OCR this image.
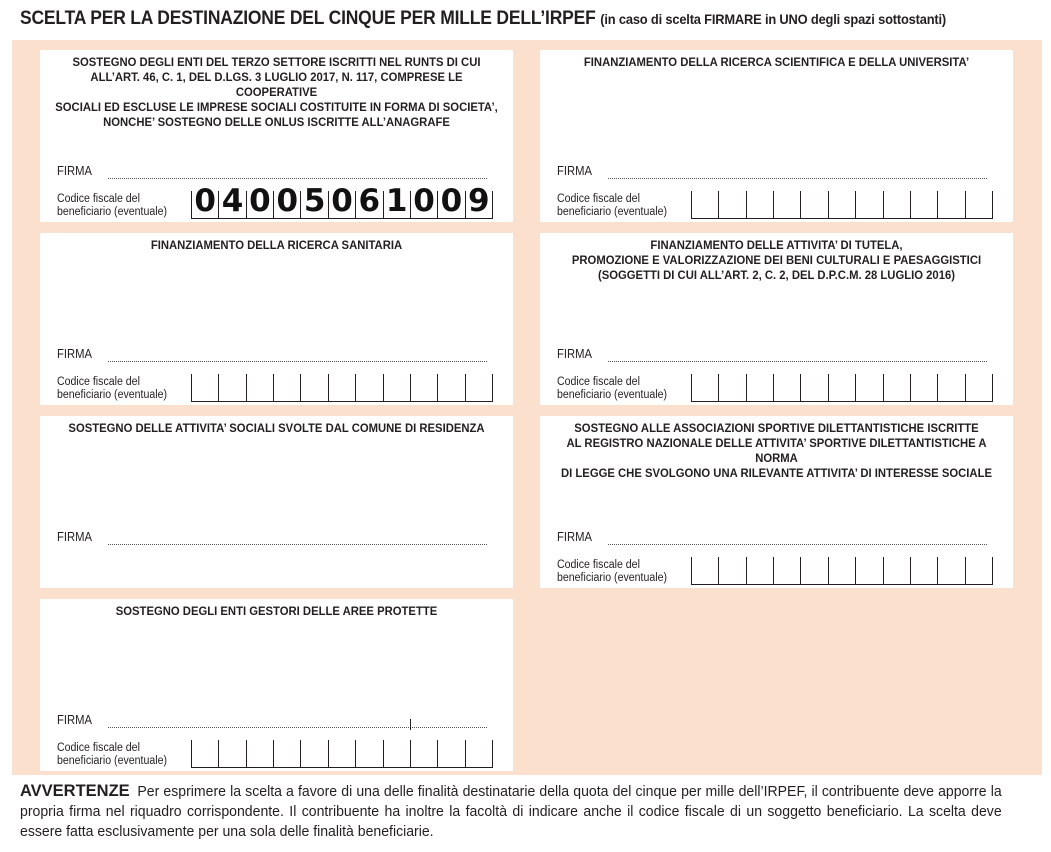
SCELTA PER LA DESTINAZIONE DEL CINQUE PER MILLE DELL’IRPEF (in caso di scelta FIRMARE in UNO degli spazi sottostanti)
SOSTEGNO DEGLI ENTI DEL TERZO SETTORE ISCRITTI NEL RUNTS DI CUI
ALL’ART. 46, C. 1, DEL D.LGS. 3 LUGLIO 2017, N. 117, COMPRESE LE COOPERATIVE
SOCIALI ED ESCLUSE LE IMPRESE SOCIALI COSTITUITE IN FORMA DI SOCIETA’,
NONCHE’ SOSTEGNO DELLE ONLUS ISCRITTE ALL’ANAGRAFE
FIRMA
Codice fiscale del
beneficiario (eventuale) 0 4 0 0 5 0 6 1 0 0 9
FINANZIAMENTO DELLA RICERCA SCIENTIFICA E DELLA UNIVERSITA’
FIRMA
Codice fiscale del
beneficiario (eventuale)
FINANZIAMENTO DELLA RICERCA SANITARIA
FIRMA
Codice fiscale del
beneficiario (eventuale)
FINANZIAMENTO DELLE ATTIVITA’ DI TUTELA,
PROMOZIONE E VALORIZZAZIONE DEI BENI CULTURALI E PAESAGGISTICI
(SOGGETTI DI CUI ALL’ART. 2, C. 2, DEL D.P.C.M. 28 LUGLIO 2016)
FIRMA
Codice fiscale del
beneficiario (eventuale)
SOSTEGNO DELLE ATTIVITA’ SOCIALI SVOLTE DAL COMUNE DI RESIDENZA
FIRMA
SOSTEGNO ALLE ASSOCIAZIONI SPORTIVE DILETTANTISTICHE ISCRITTE
AL REGISTRO NAZIONALE DELLE ATTIVITA’ SPORTIVE DILETTANTISTICHE A NORMA
DI LEGGE CHE SVOLGONO UNA RILEVANTE ATTIVITA’ DI INTERESSE SOCIALE
FIRMA
Codice fiscale del
beneficiario (eventuale)
SOSTEGNO DEGLI ENTI GESTORI DELLE AREE PROTETTE
FIRMA
Codice fiscale del
beneficiario (eventuale)
AVVERTENZE Per esprimere la scelta a favore di una delle finalità destinatarie della quota del cinque per mille dell’IRPEF, il contribuente deve apporre la propria firma nel riquadro corrispondente. Il contribuente ha inoltre la facoltà di indicare anche il codice fiscale di un soggetto beneficiario. La scelta deve essere fatta esclusivamente per una sola delle finalità beneficiarie.
